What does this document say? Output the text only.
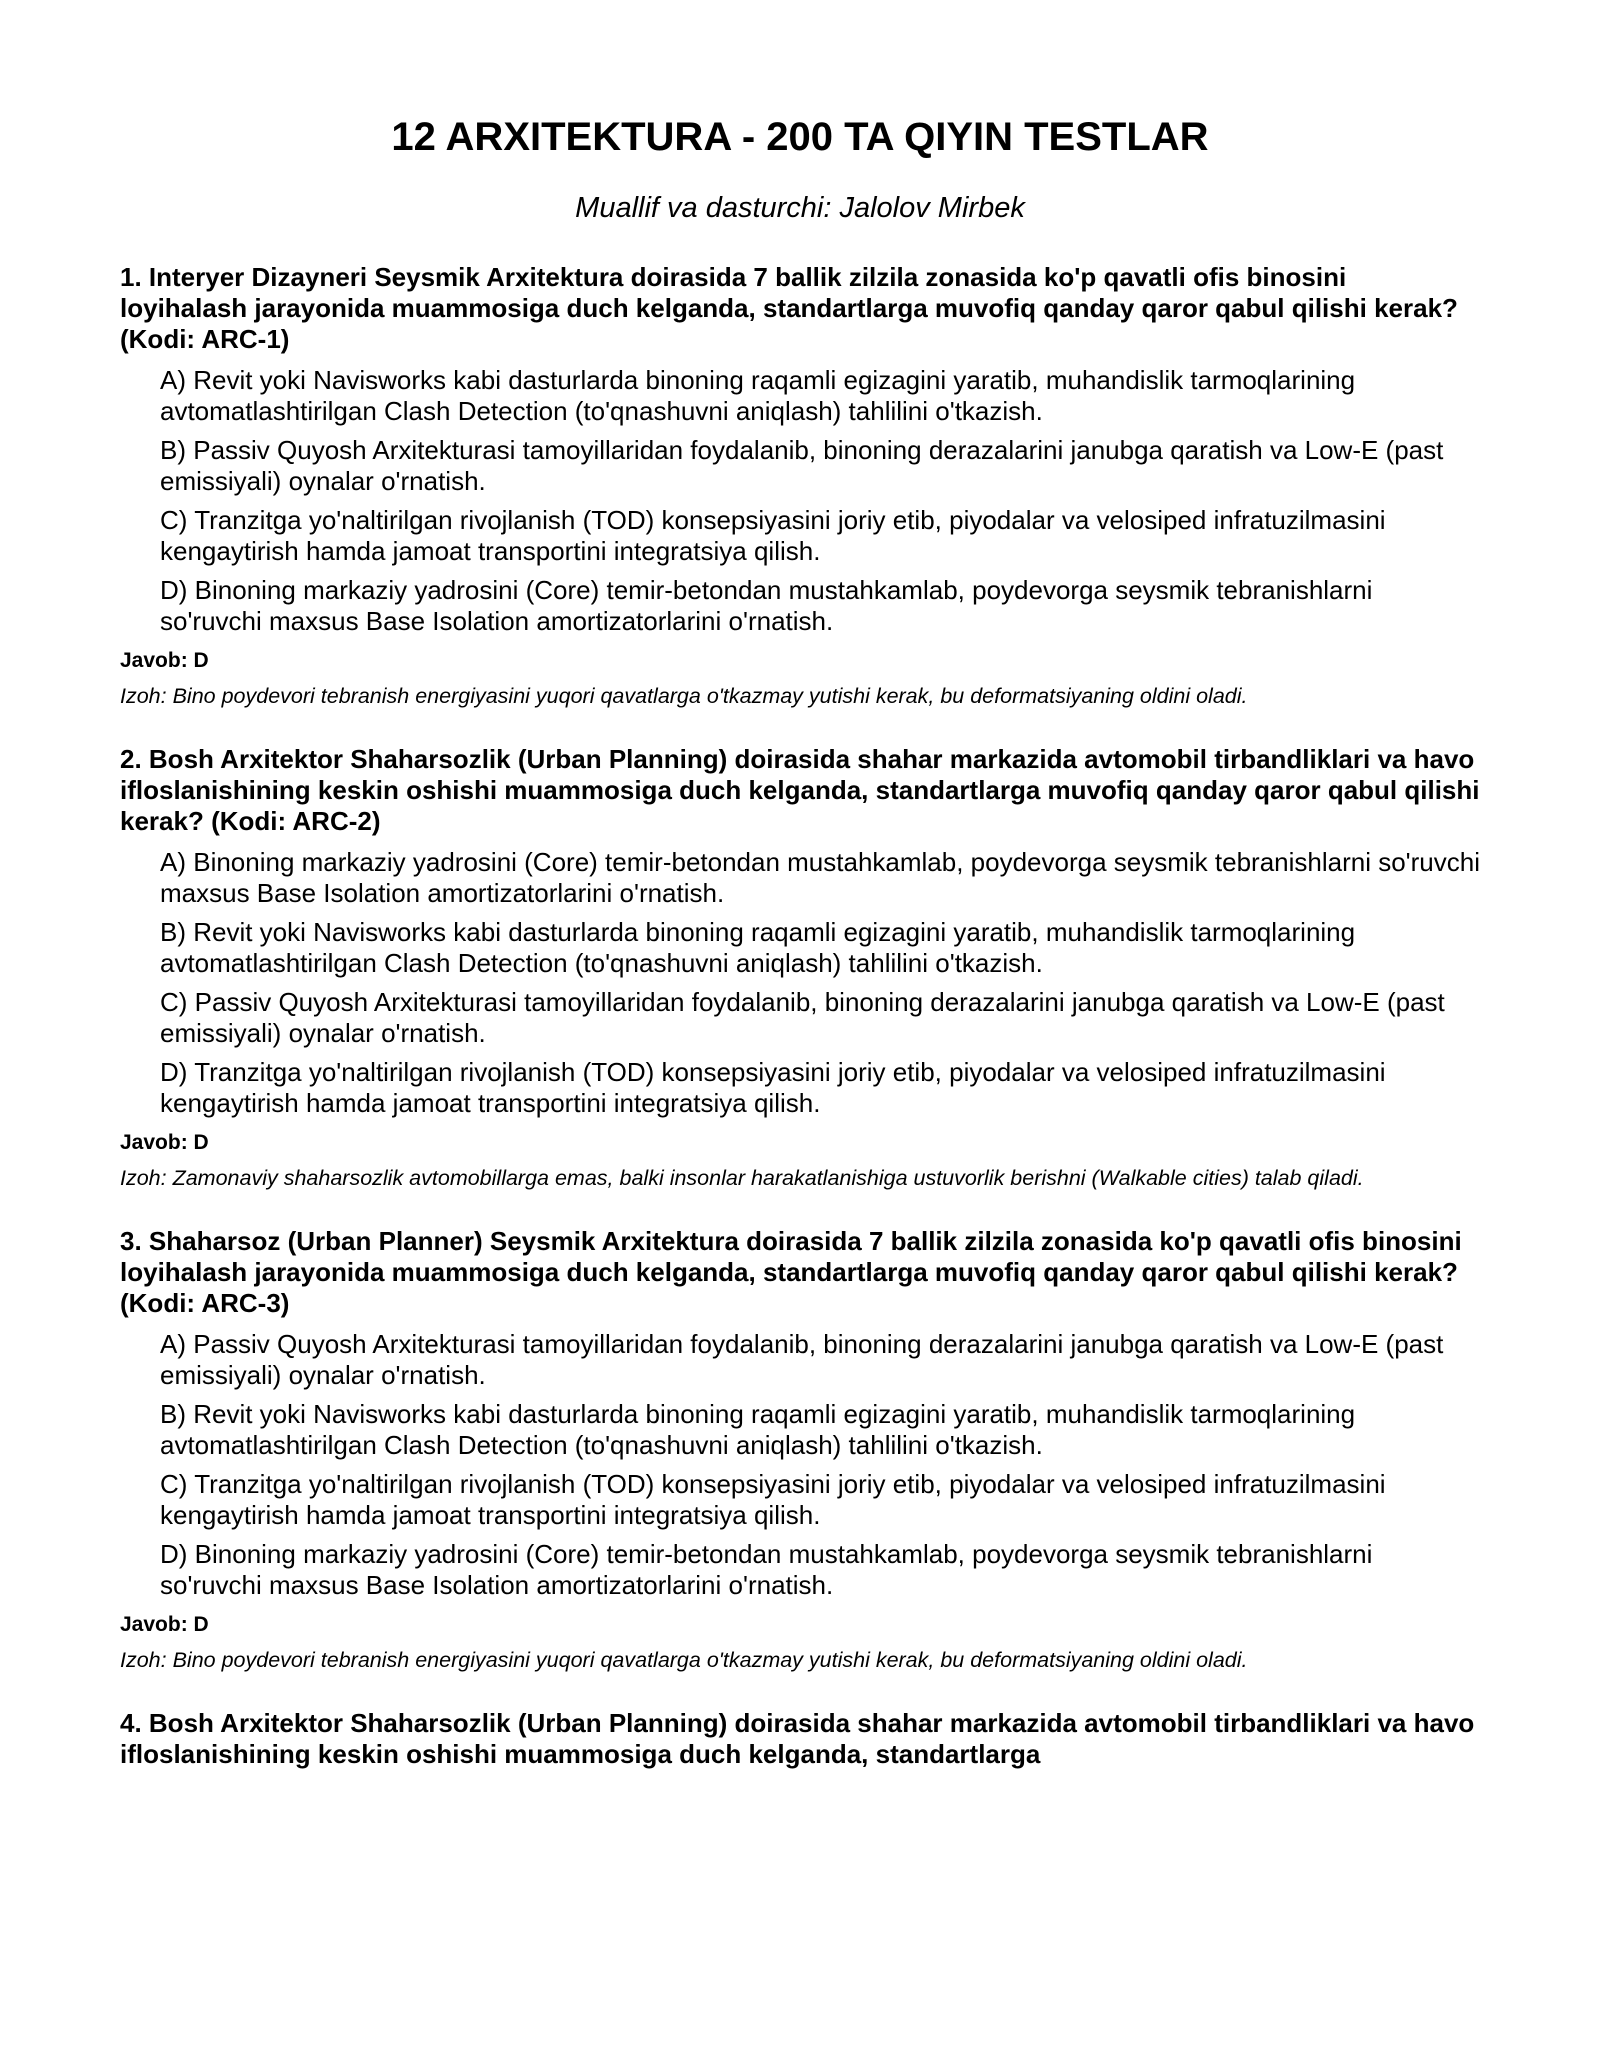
12 ARXITEKTURA - 200 TA QIYIN TESTLAR

Muallif va dasturchi: Jalolov Mirbek

1. Interyer Dizayneri Seysmik Arxitektura doirasida 7 ballik zilzila zonasida ko'p qavatli ofis binosini loyihalash jarayonida muammosiga duch kelganda, standartlarga muvofiq qanday qaror qabul qilishi kerak? (Kodi: ARC-1)

A) Revit yoki Navisworks kabi dasturlarda binoning raqamli egizagini yaratib, muhandislik tarmoqlarining avtomatlashtirilgan Clash Detection (to'qnashuvni aniqlash) tahlilini o'tkazish.

B) Passiv Quyosh Arxitekturasi tamoyillaridan foydalanib, binoning derazalarini janubga qaratish va Low-E (past emissiyali) oynalar o'rnatish.

C) Tranzitga yo'naltirilgan rivojlanish (TOD) konsepsiyasini joriy etib, piyodalar va velosiped infratuzilmasini kengaytirish hamda jamoat transportini integratsiya qilish.

D) Binoning markaziy yadrosini (Core) temir-betondan mustahkamlab, poydevorga seysmik tebranishlarni so'ruvchi maxsus Base Isolation amortizatorlarini o'rnatish.

Javob: D

Izoh: Bino poydevori tebranish energiyasini yuqori qavatlarga o'tkazmay yutishi kerak, bu deformatsiyaning oldini oladi.

2. Bosh Arxitektor Shaharsozlik (Urban Planning) doirasida shahar markazida avtomobil tirbandliklari va havo ifloslanishining keskin oshishi muammosiga duch kelganda, standartlarga muvofiq qanday qaror qabul qilishi kerak? (Kodi: ARC-2)

A) Binoning markaziy yadrosini (Core) temir-betondan mustahkamlab, poydevorga seysmik tebranishlarni so'ruvchi maxsus Base Isolation amortizatorlarini o'rnatish.

B) Revit yoki Navisworks kabi dasturlarda binoning raqamli egizagini yaratib, muhandislik tarmoqlarining avtomatlashtirilgan Clash Detection (to'qnashuvni aniqlash) tahlilini o'tkazish.

C) Passiv Quyosh Arxitekturasi tamoyillaridan foydalanib, binoning derazalarini janubga qaratish va Low-E (past emissiyali) oynalar o'rnatish.

D) Tranzitga yo'naltirilgan rivojlanish (TOD) konsepsiyasini joriy etib, piyodalar va velosiped infratuzilmasini kengaytirish hamda jamoat transportini integratsiya qilish.

Javob: D

Izoh: Zamonaviy shaharsozlik avtomobillarga emas, balki insonlar harakatlanishiga ustuvorlik berishni (Walkable cities) talab qiladi.

3. Shaharsoz (Urban Planner) Seysmik Arxitektura doirasida 7 ballik zilzila zonasida ko'p qavatli ofis binosini loyihalash jarayonida muammosiga duch kelganda, standartlarga muvofiq qanday qaror qabul qilishi kerak? (Kodi: ARC-3)

A) Passiv Quyosh Arxitekturasi tamoyillaridan foydalanib, binoning derazalarini janubga qaratish va Low-E (past emissiyali) oynalar o'rnatish.

B) Revit yoki Navisworks kabi dasturlarda binoning raqamli egizagini yaratib, muhandislik tarmoqlarining avtomatlashtirilgan Clash Detection (to'qnashuvni aniqlash) tahlilini o'tkazish.

C) Tranzitga yo'naltirilgan rivojlanish (TOD) konsepsiyasini joriy etib, piyodalar va velosiped infratuzilmasini kengaytirish hamda jamoat transportini integratsiya qilish.

D) Binoning markaziy yadrosini (Core) temir-betondan mustahkamlab, poydevorga seysmik tebranishlarni so'ruvchi maxsus Base Isolation amortizatorlarini o'rnatish.

Javob: D

Izoh: Bino poydevori tebranish energiyasini yuqori qavatlarga o'tkazmay yutishi kerak, bu deformatsiyaning oldini oladi.

4. Bosh Arxitektor Shaharsozlik (Urban Planning) doirasida shahar markazida avtomobil tirbandliklari va havo ifloslanishining keskin oshishi muammosiga duch kelganda, standartlarga
